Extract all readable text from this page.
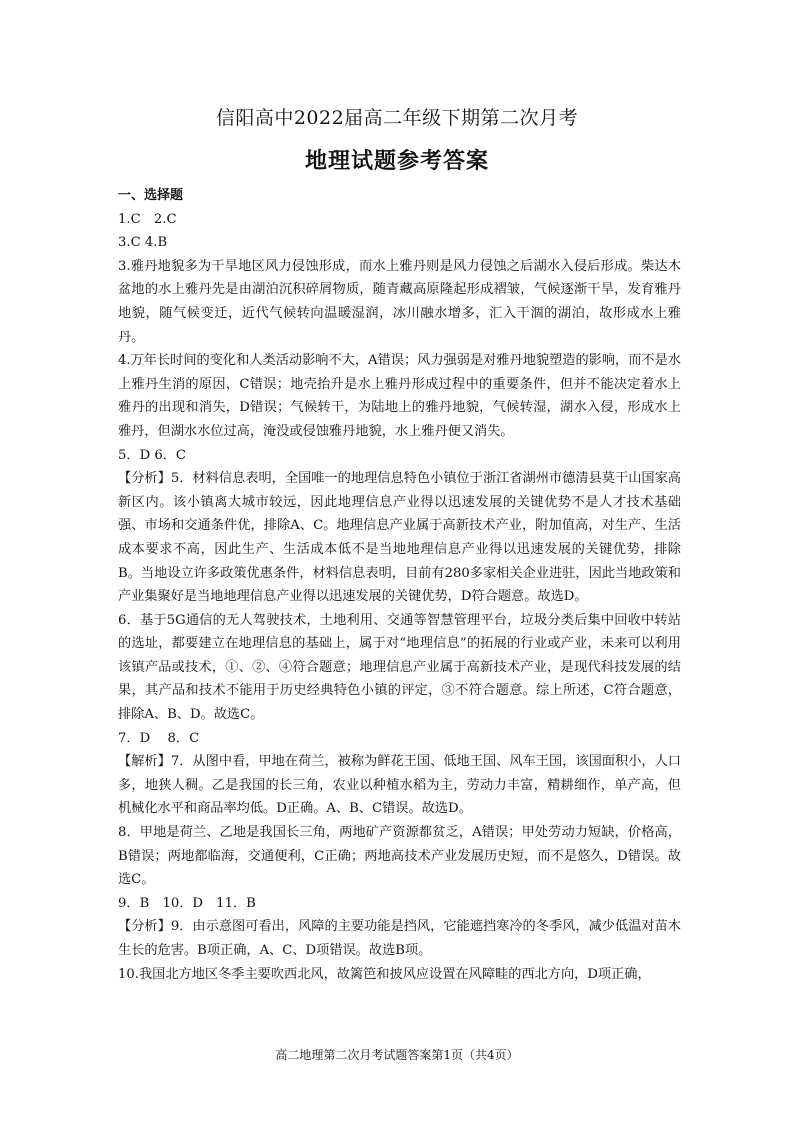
信阳高中2022届高二年级下期第二次月考
地理试题参考答案

一、选择题

1.C　2.C

3.C 4.B

3.雅丹地貌多为干旱地区风力侵蚀形成，而水上雅丹则是风力侵蚀之后湖水入侵后形成。柴达木盆地的水上雅丹先是由湖泊沉积碎屑物质，随青藏高原隆起形成褶皱，气候逐渐干旱，发育雅丹地貌，随气候变迁，近代气候转向温暖湿润，冰川融水增多，汇入干涸的湖泊，故形成水上雅丹。

4.万年长时间的变化和人类活动影响不大，A错误；风力强弱是对雅丹地貌塑造的影响，而不是水上雅丹生消的原因，C错误；地壳抬升是水上雅丹形成过程中的重要条件，但并不能决定着水上雅丹的出现和消失，D错误；气候转干，为陆地上的雅丹地貌，气候转湿，湖水入侵，形成水上雅丹，但湖水水位过高，淹没或侵蚀雅丹地貌，水上雅丹便又消失。

5．D 6．C

【分析】5．材料信息表明，全国唯一的地理信息特色小镇位于浙江省湖州市德清县莫干山国家高新区内。该小镇离大城市较远，因此地理信息产业得以迅速发展的关键优势不是人才技术基础强、市场和交通条件优，排除A、C。地理信息产业属于高新技术产业，附加值高，对生产、生活成本要求不高，因此生产、生活成本低不是当地地理信息产业得以迅速发展的关键优势，排除B。当地设立许多政策优惠条件，材料信息表明，目前有280多家相关企业进驻，因此当地政策和产业集聚好是当地地理信息产业得以迅速发展的关键优势，D符合题意。故选D。

6．基于5G通信的无人驾驶技术，土地利用、交通等智慧管理平台，垃圾分类后集中回收中转站的选址，都要建立在地理信息的基础上，属于对“地理信息”的拓展的行业或产业，未来可以利用该镇产品或技术，①、②、④符合题意；地理信息产业属于高新技术产业，是现代科技发展的结果，其产品和技术不能用于历史经典特色小镇的评定，③不符合题意。综上所述，C符合题意，排除A、B、D。故选C。

7．D　 8．C

【解析】7．从图中看，甲地在荷兰，被称为鲜花王国、低地王国、风车王国，该国面积小，人口多，地狭人稠。乙是我国的长三角，农业以种植水稻为主，劳动力丰富，精耕细作，单产高，但机械化水平和商品率均低。D正确。A、B、C错误。故选D。

8．甲地是荷兰、乙地是我国长三角，两地矿产资源都贫乏，A错误；甲处劳动力短缺，价格高， B错误；两地都临海，交通便利，C正确；两地高技术产业发展历史短，而不是悠久，D错误。故选C。

9．B　10．D　11．B

【分析】9．由示意图可看出，风障的主要功能是挡风，它能遮挡寒冷的冬季风，减少低温对苗木生长的危害。B项正确，A、C、D项错误。故选B项。

10.我国北方地区冬季主要吹西北风，故篱笆和披风应设置在风障畦的西北方向，D项正确，

高二地理第二次月考试题答案第1页（共4页）
